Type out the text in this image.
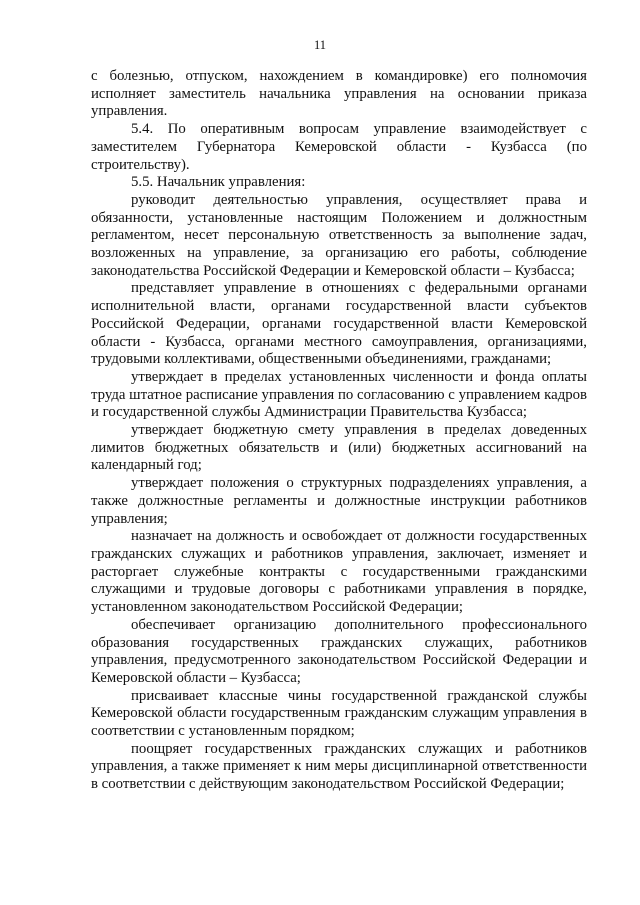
11

с болезнью, отпуском, нахождением в командировке) его полномочия исполняет заместитель начальника управления на основании приказа управления.

5.4. По оперативным вопросам управление взаимодействует с заместителем Губернатора Кемеровской области - Кузбасса (по строительству).

5.5. Начальник управления:

руководит деятельностью управления, осуществляет права и обязанности, установленные настоящим Положением и должностным регламентом, несет персональную ответственность за выполнение задач, возложенных на управление, за организацию его работы, соблюдение законодательства Российской Федерации и Кемеровской области – Кузбасса;

представляет управление в отношениях с федеральными органами исполнительной власти, органами государственной власти субъектов Российской Федерации, органами государственной власти Кемеровской области - Кузбасса, органами местного самоуправления, организациями, трудовыми коллективами, общественными объединениями, гражданами;

утверждает в пределах установленных численности и фонда оплаты труда штатное расписание управления по согласованию с управлением кадров и государственной службы Администрации Правительства Кузбасса;

утверждает бюджетную смету управления в пределах доведенных лимитов бюджетных обязательств и (или) бюджетных ассигнований на календарный год;

утверждает положения о структурных подразделениях управления, а также должностные регламенты и должностные инструкции работников управления;

назначает на должность и освобождает от должности государственных гражданских служащих и работников управления, заключает, изменяет и расторгает служебные контракты с государственными гражданскими служащими и трудовые договоры с работниками управления в порядке, установленном законодательством Российской Федерации;

обеспечивает организацию дополнительного профессионального образования государственных гражданских служащих, работников управления, предусмотренного законодательством Российской Федерации и Кемеровской области – Кузбасса;

присваивает классные чины государственной гражданской службы Кемеровской области государственным гражданским служащим управления в соответствии с установленным порядком;

поощряет государственных гражданских служащих и работников управления, а также применяет к ним меры дисциплинарной ответственности в соответствии с действующим законодательством Российской Федерации;
